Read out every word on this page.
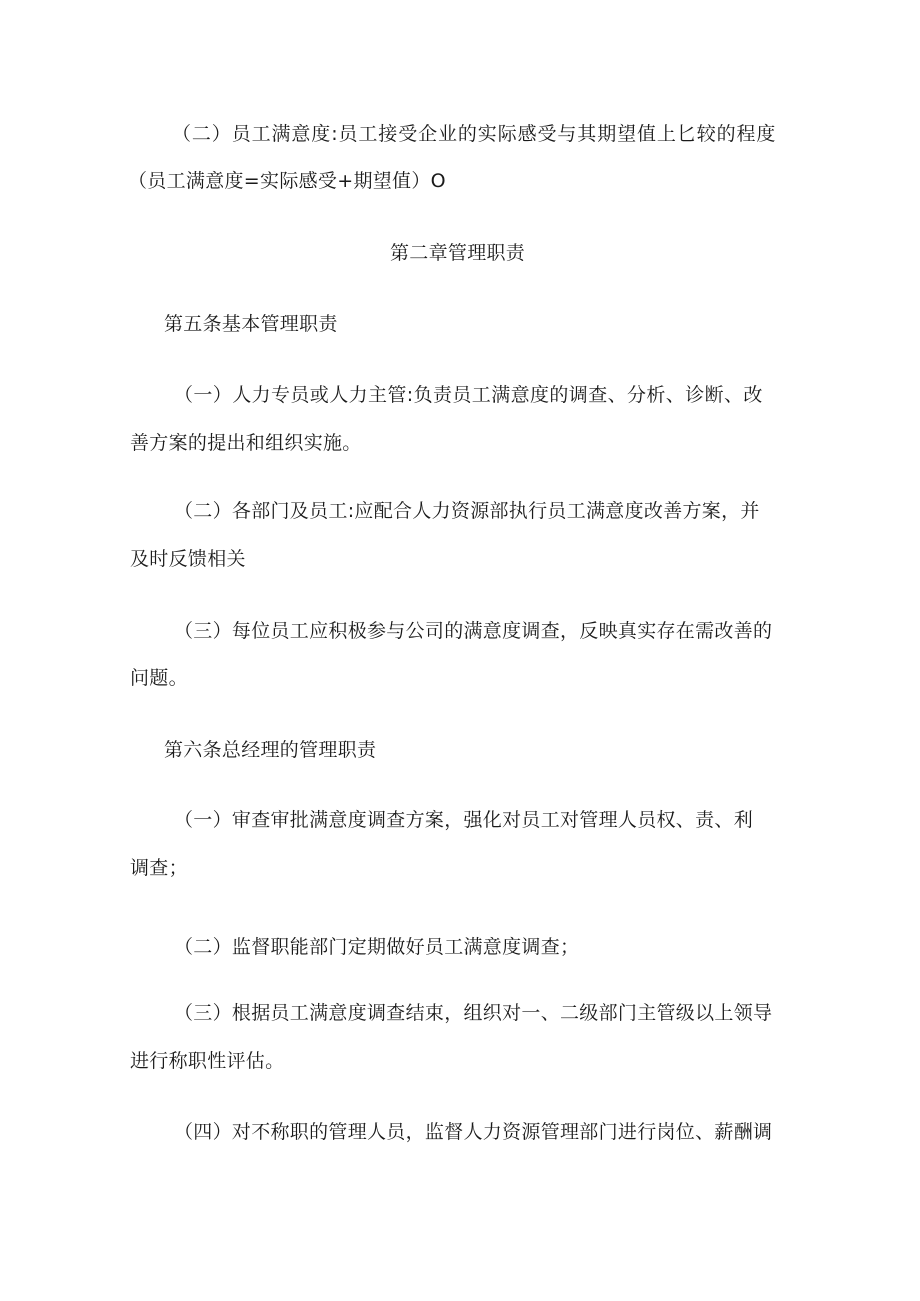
（二）员工满意度:员工接受企业的实际感受与其期望值上匕较的程度
（员工满意度=实际感受+期望值）O
第二章管理职责
第五条基本管理职责
（一）人力专员或人力主管:负责员工满意度的调查、分析、诊断、改
善方案的提出和组织实施。
（二）各部门及员工:应配合人力资源部执行员工满意度改善方案，并
及时反馈相关
（三）每位员工应积极参与公司的满意度调查，反映真实存在需改善的
问题。
第六条总经理的管理职责
（一）审查审批满意度调查方案，强化对员工对管理人员权、责、利
调查；
（二）监督职能部门定期做好员工满意度调查；
（三）根据员工满意度调查结束，组织对一、二级部门主管级以上领导
进行称职性评估。
（四）对不称职的管理人员，监督人力资源管理部门进行岗位、薪酬调
